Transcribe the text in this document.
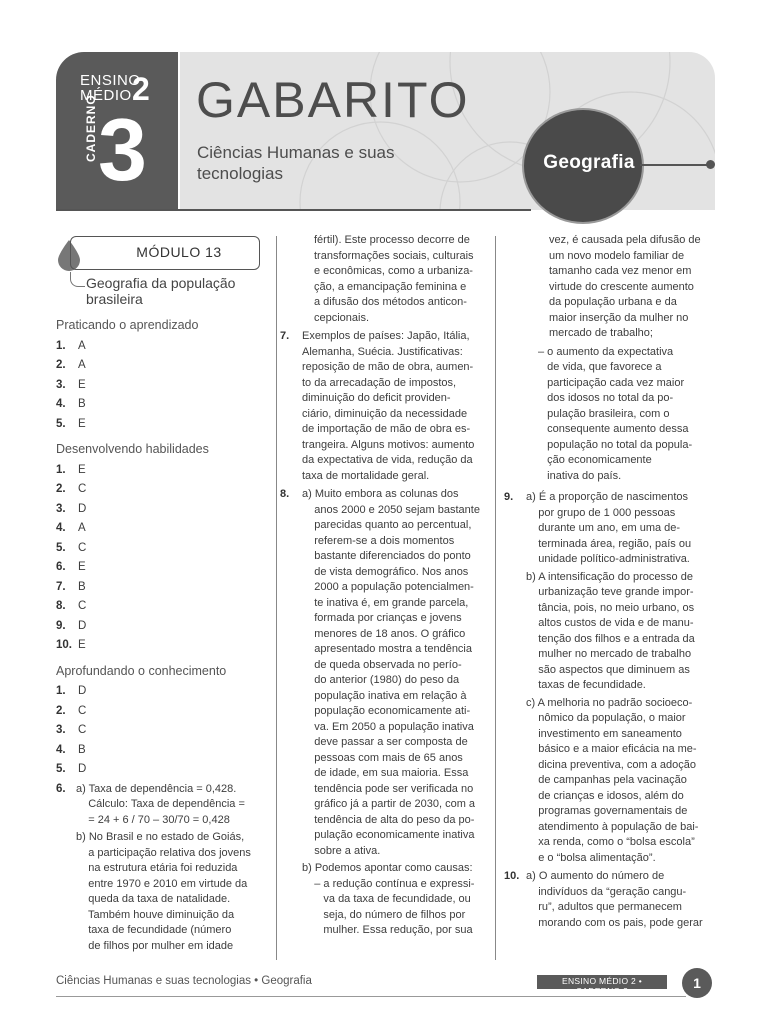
ENSINO
MÉDIO 2
CADERNO 3 GABARITO
Ciências Humanas e suas tecnologias
Geografia
MÓDULO 13
Geografia da população brasileira

Praticando o aprendizado

1.	A
2.	A
3.	E
4.	B
5.	E

Desenvolvendo habilidades

1.	E
2.	C
3.	D
4.	A
5.	C
6.	E
7.	B
8.	C
9.	D
10. E

Aprofundando o conhecimento

1.	D
2.	C
3.	C
4.	B
5.	D
6. a) Taxa de dependência = 0,428.
Cálculo: Taxa de dependência =
= 24 + 6 / 70 – 30/70 = 0,428
b) No Brasil e no estado de Goiás,
a participação relativa dos jovens
na estrutura etária foi reduzida
entre 1970 e 2010 em virtude da
queda da taxa de natalidade.
Também houve diminuição da
taxa de fecundidade (número
de filhos por mulher em idade
fértil). Este processo decorre de
transformações sociais, culturais
e econômicas, como a urbaniza-
ção, a emancipação feminina e
a difusão dos métodos anticon-
cepcionais.
7.	Exemplos de países: Japão, Itália,
Alemanha, Suécia. Justificativas:
reposição de mão de obra, aumen-
to da arrecadação de impostos,
diminuição do deficit providen-
ciário, diminuição da necessidade
de importação de mão de obra es-
trangeira. Alguns motivos: aumento
da expectativa de vida, redução da
taxa de mortalidade geral.
8.	a) Muito embora as colunas dos
anos 2000 e 2050 sejam bastante
parecidas quanto ao percentual,
referem-se a dois momentos
bastante diferenciados do ponto
de vista demográfico. Nos anos
2000 a população potencialmen-
te inativa é, em grande parcela,
formada por crianças e jovens
menores de 18 anos. O gráfico
apresentado mostra a tendência
de queda observada no perío-
do anterior (1980) do peso da
população inativa em relação à
população economicamente ati-
va. Em 2050 a população inativa
deve passar a ser composta de
pessoas com mais de 65 anos
de idade, em sua maioria. Essa
tendência pode ser verificada no
gráfico já a partir de 2030, com a
tendência de alta do peso da po-
pulação economicamente inativa
sobre a ativa.
b) Podemos apontar como causas:
– a redução contínua e expressi-
va da taxa de fecundidade, ou
seja, do número de filhos por
mulher. Essa redução, por sua
vez, é causada pela difusão de
um novo modelo familiar de
tamanho cada vez menor em
virtude do crescente aumento
da população urbana e da
maior inserção da mulher no
mercado de trabalho;
– o aumento da expectativa
de vida, que favorece a
participação cada vez maior
dos idosos no total da po-
pulação brasileira, com o
consequente aumento dessa
população no total da popula-
ção economicamente
inativa do país.
9.	a) É a proporção de nascimentos
por grupo de 1 000 pessoas
durante um ano, em uma de-
terminada área, região, país ou
unidade político-administrativa.
b) A intensificação do processo de
urbanização teve grande impor-
tância, pois, no meio urbano, os
altos custos de vida e de manu-
tenção dos filhos e a entrada da
mulher no mercado de trabalho
são aspectos que diminuem as
taxas de fecundidade.
c) A melhoria no padrão socioeco-
nômico da população, o maior
investimento em saneamento
básico e a maior eficácia na me-
dicina preventiva, com a adoção
de campanhas pela vacinação
de crianças e idosos, além do
programas governamentais de
atendimento à população de bai-
xa renda, como o “bolsa escola”
e o “bolsa alimentação”.
10. a) O aumento do número de
indivíduos da “geração cangu-
ru”, adultos que permanecem
morando com os pais, pode gerar
Ciências Humanas e suas tecnologias • Geografia	ENSINO MÉDIO 2 • CADERNO 3	1
